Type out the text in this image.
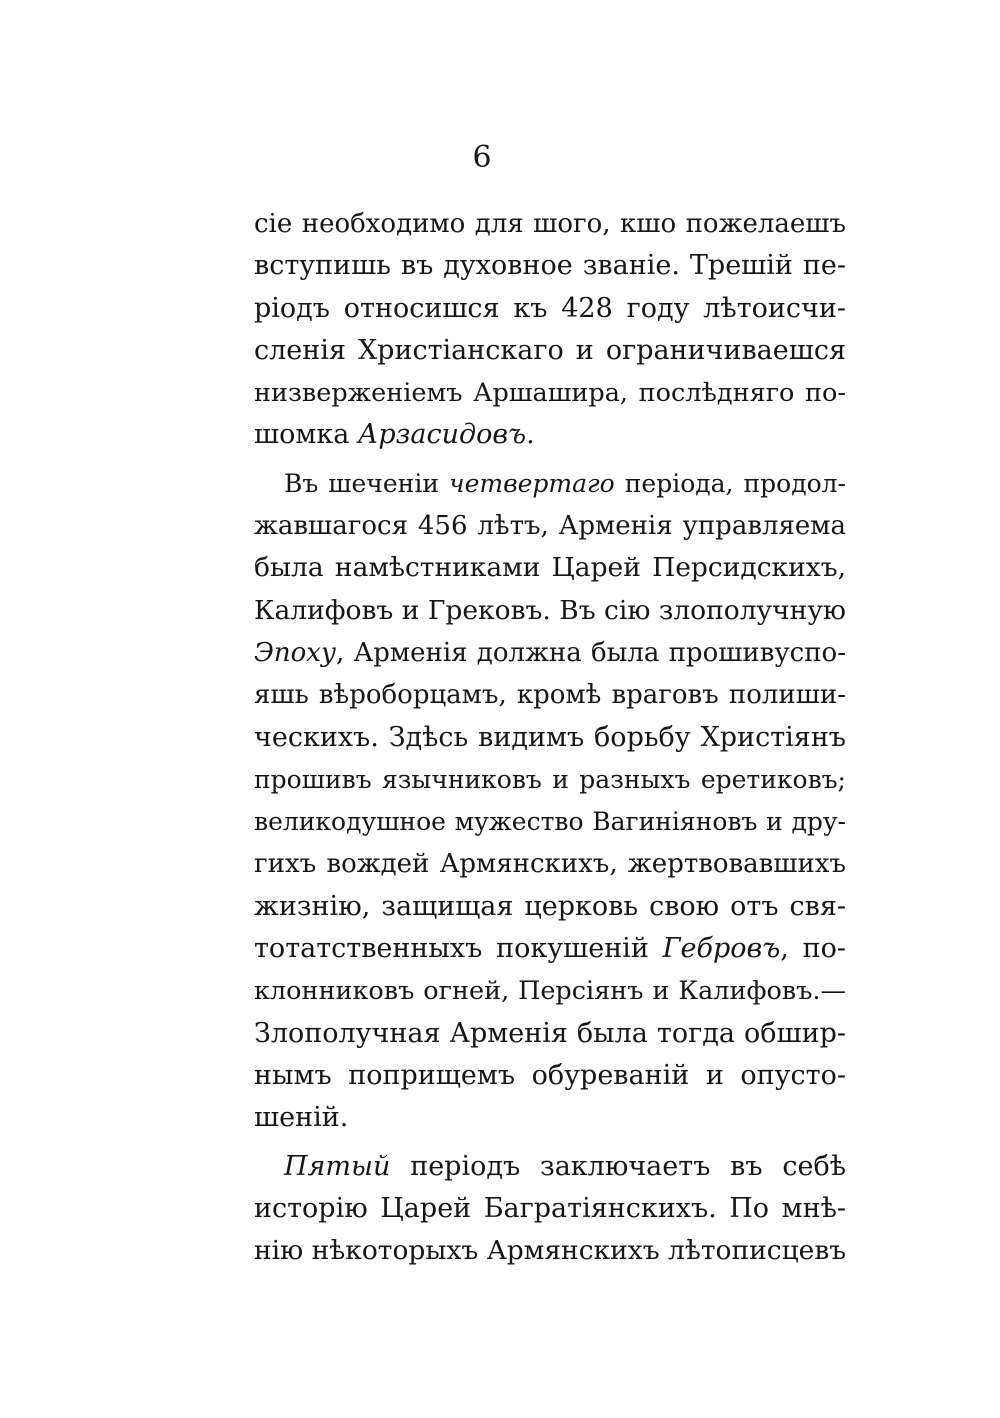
6
сіе необходимо для шого, кшо пожелаешъ
вступишь въ духовное званіе. Трешій пе-
ріодъ относишся къ 428 году лѣтоисчи-
сленія Христіанскаго и ограничиваешся
низверженіемъ Аршашира, послѣдняго по-
шомка Арзасидовъ.
Въ шеченіи четвертаго періода, продол-
жавшагося 456 лѣтъ, Арменія управляема
была намѣстниками Царей Персидскихъ,
Калифовъ и Грековъ. Въ сію злополучную
Эпоху, Арменія должна была прошивуспо-
яшь вѣроборцамъ, кромѣ враговъ полиши-
ческихъ. Здѣсь видимъ борьбу Христіянъ
прошивъ язычниковъ и разныхъ еретиковъ;
великодушное мужество Вагиніяновъ и дру-
гихъ вождей Армянскихъ, жертвовавшихъ
жизнію, защищая церковь свою отъ свя-
тотатственныхъ покушеній Гебровъ, по-
клонниковъ огней, Персіянъ и Калифовъ.—
Злополучная Арменія была тогда обшир-
нымъ поприщемъ обуреваній и опусто-
шеній.
Пятый періодъ заключаетъ въ себѣ
исторію Царей Багратіянскихъ. По мнѣ-
нію нѣкоторыхъ Армянскихъ лѣтописцевъ
